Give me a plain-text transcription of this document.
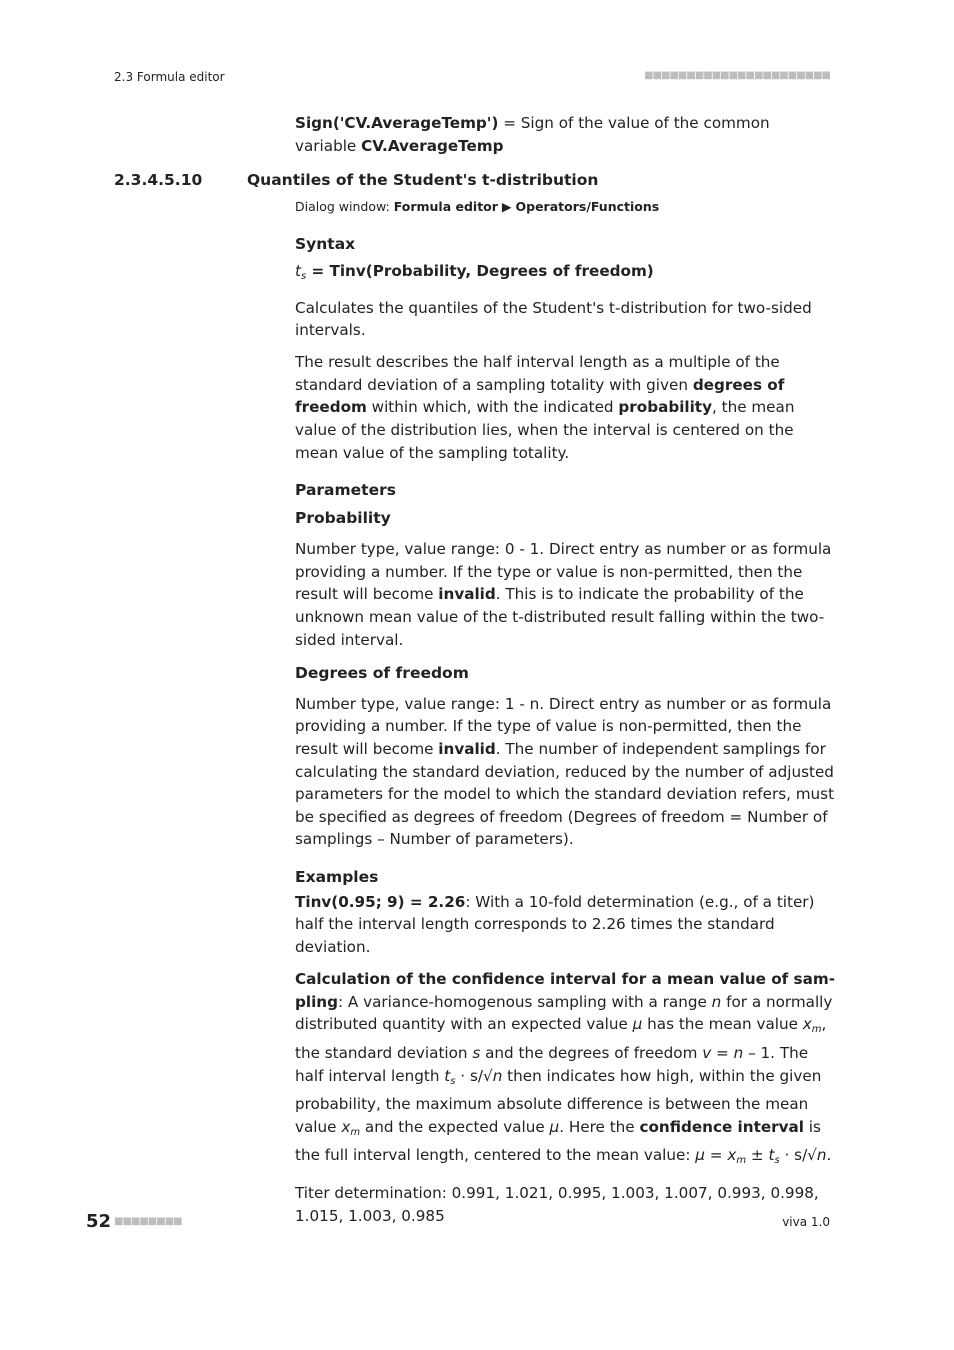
2.3 Formula editor	■■■■■■■■■■■■■■■■■■■■■■

Sign('CV.AverageTemp') = Sign of the value of the common variable CV.AverageTemp

2.3.4.5.10	Quantiles of the Student's t-distribution
Dialog window: Formula editor ▶ Operators/Functions
Syntax

$t_s$ = Tinv(Probability, Degrees of freedom)

Calculates the quantiles of the Student's t-distribution for two-sided intervals.

The result describes the half interval length as a multiple of the standard deviation of a sampling totality with given degrees of freedom within which, with the indicated probability, the mean value of the distribution lies, when the interval is centered on the mean value of the sampling totality.

Parameters
Probability

Number type, value range: 0 - 1. Direct entry as number or as formula providing a number. If the type or value is non-permitted, then the result will become invalid. This is to indicate the probability of the unknown mean value of the t-distributed result falling within the two-sided interval.

Degrees of freedom

Number type, value range: 1 - n. Direct entry as number or as formula providing a number. If the type of value is non-permitted, then the result will become invalid. The number of independent samplings for calculating the standard deviation, reduced by the number of adjusted parameters for the model to which the standard deviation refers, must be specified as degrees of freedom (Degrees of freedom = Number of samplings – Number of parameters).

Examples

Tinv(0.95; 9) = 2.26: With a 10-fold determination (e.g., of a titer) half the interval length corresponds to 2.26 times the standard deviation.

Calculation of the confidence interval for a mean value of sampling: A variance-homogenous sampling with a range n for a normally distributed quantity with an expected value μ has the mean value $x_m$, the standard deviation s and the degrees of freedom v = n – 1. The half interval length $t_s \cdot s/√n$ then indicates how high, within the given probability, the maximum absolute difference is between the mean value $x_m$ and the expected value μ. Here the confidence interval is the full interval length, centered to the mean value: $\mu = x_m \pm t_s \cdot s/√n$.

Titer determination: 0.991, 1.021, 0.995, 1.003, 1.007, 0.993, 0.998, 1.015, 1.003, 0.985

52 ■■■■■■■■	viva 1.0
